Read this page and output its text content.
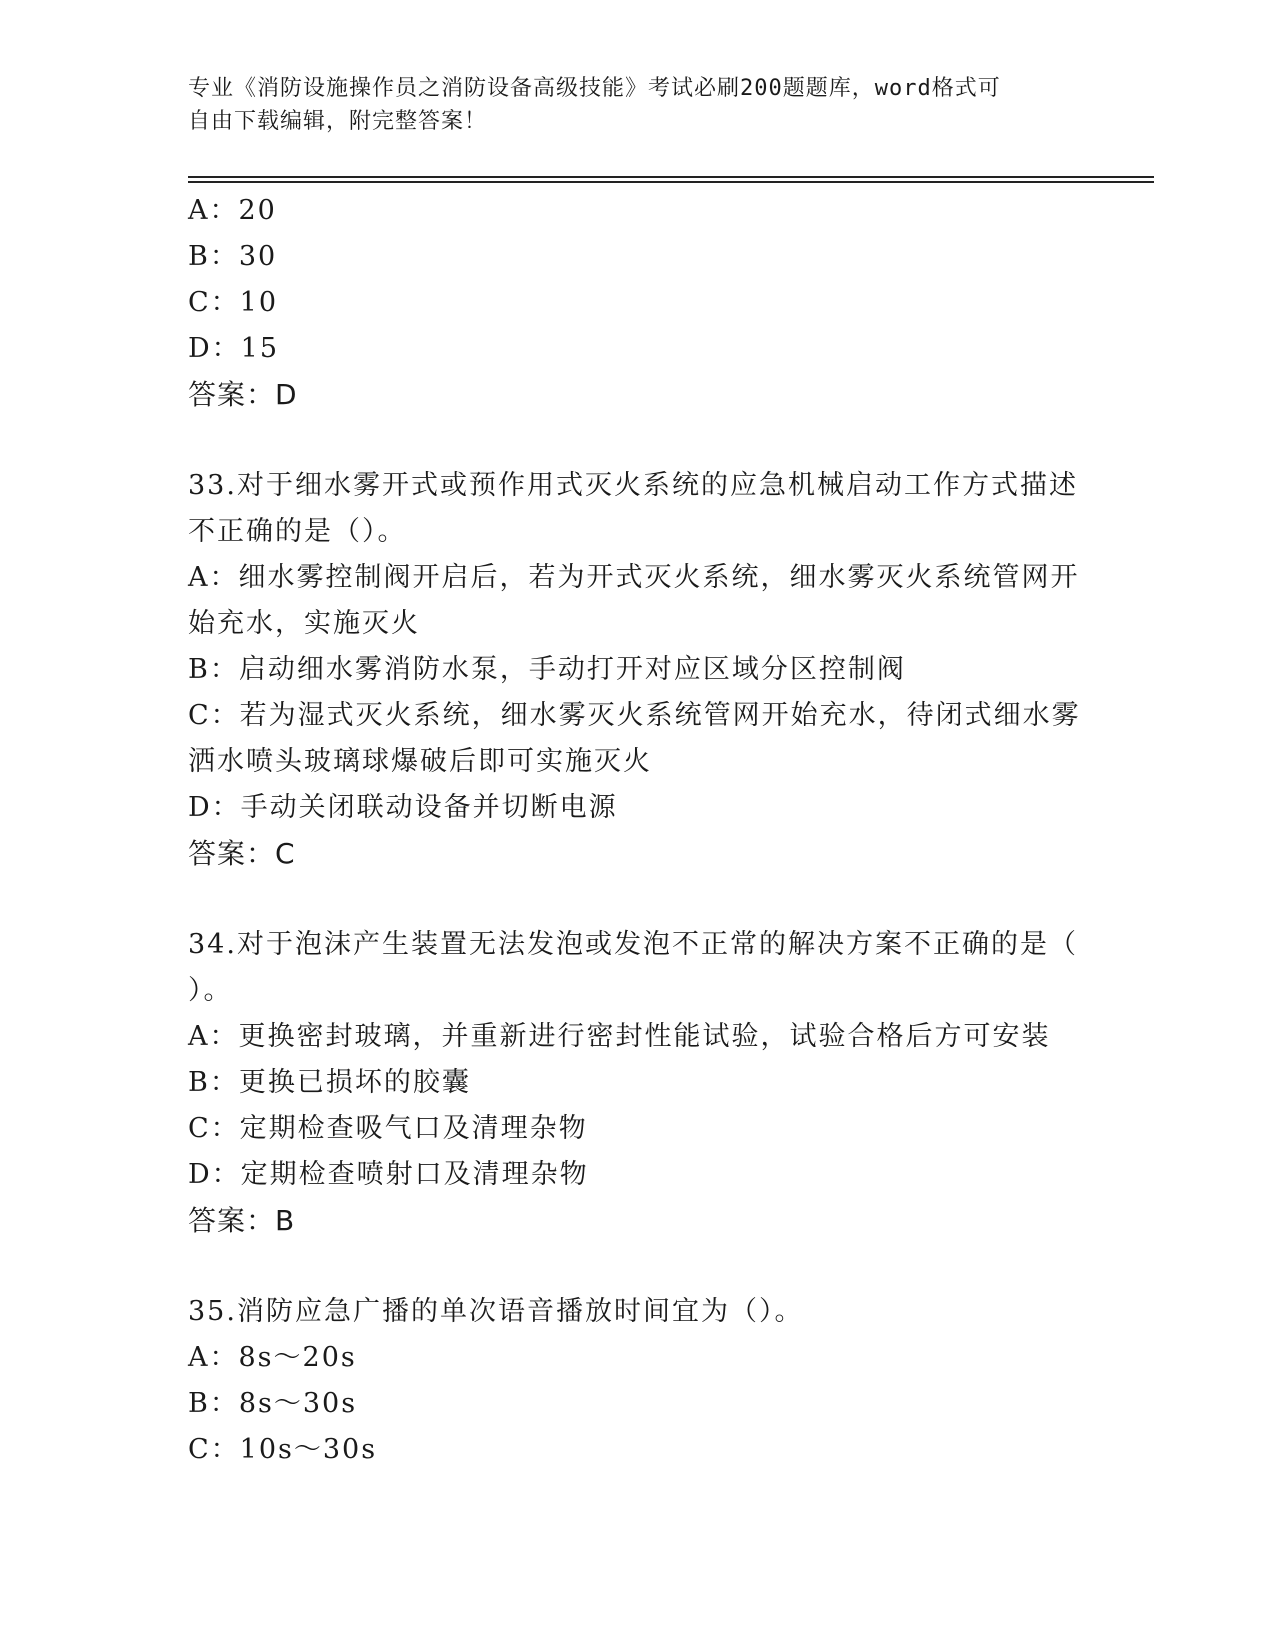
专业《消防设施操作员之消防设备高级技能》考试必刷200题题库，word格式可
自由下载编辑，附完整答案！
A：20
B：30
C：10
D：15
答案：D
33.对于细水雾开式或预作用式灭火系统的应急机械启动工作方式描述
不正确的是（）。
A：细水雾控制阀开启后，若为开式灭火系统，细水雾灭火系统管网开
始充水，实施灭火
B：启动细水雾消防水泵，手动打开对应区域分区控制阀
C：若为湿式灭火系统，细水雾灭火系统管网开始充水，待闭式细水雾
洒水喷头玻璃球爆破后即可实施灭火
D：手动关闭联动设备并切断电源
答案：C
34.对于泡沫产生装置无法发泡或发泡不正常的解决方案不正确的是（
）。
A：更换密封玻璃，并重新进行密封性能试验，试验合格后方可安装
B：更换已损坏的胶囊
C：定期检查吸气口及清理杂物
D：定期检查喷射口及清理杂物
答案：B
35.消防应急广播的单次语音播放时间宜为（）。
A：8s～20s
B：8s～30s
C：10s～30s
